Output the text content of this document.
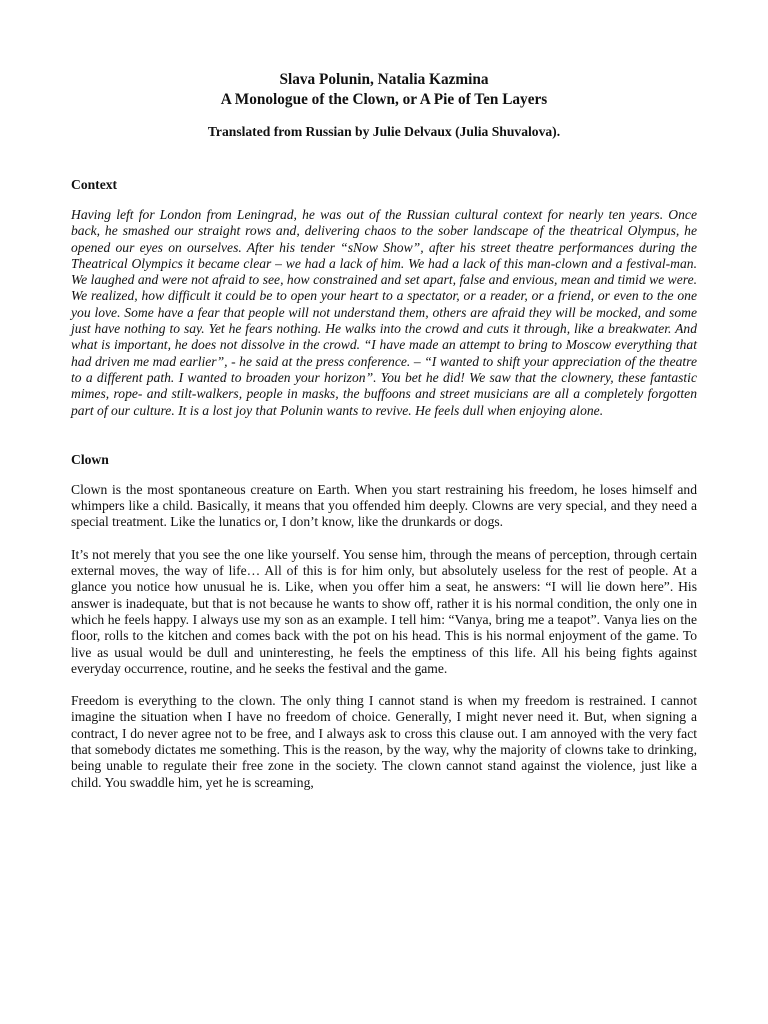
Slava Polunin, Natalia Kazmina

A Monologue of the Clown, or A Pie of Ten Layers

Translated from Russian by Julie Delvaux (Julia Shuvalova).

Context

Having left for London from Leningrad, he was out of the Russian cultural context for nearly ten years. Once back, he smashed our straight rows and, delivering chaos to the sober landscape of the theatrical Olympus, he opened our eyes on ourselves. After his tender “sNow Show”, after his street theatre performances during the Theatrical Olympics it became clear – we had a lack of him. We had a lack of this man-clown and a festival-man. We laughed and were not afraid to see, how constrained and set apart, false and envious, mean and timid we were. We realized, how difficult it could be to open your heart to a spectator, or a reader, or a friend, or even to the one you love. Some have a fear that people will not understand them, others are afraid they will be mocked, and some just have nothing to say. Yet he fears nothing. He walks into the crowd and cuts it through, like a breakwater. And what is important, he does not dissolve in the crowd. “I have made an attempt to bring to Moscow everything that had driven me mad earlier”, - he said at the press conference. – “I wanted to shift your appreciation of the theatre to a different path. I wanted to broaden your horizon”. You bet he did! We saw that the clownery, these fantastic mimes, rope- and stilt-walkers, people in masks, the buffoons and street musicians are all a completely forgotten part of our culture. It is a lost joy that Polunin wants to revive. He feels dull when enjoying alone.

Clown

Clown is the most spontaneous creature on Earth. When you start restraining his freedom, he loses himself and whimpers like a child. Basically, it means that you offended him deeply. Clowns are very special, and they need a special treatment. Like the lunatics or, I don’t know, like the drunkards or dogs.

It’s not merely that you see the one like yourself. You sense him, through the means of perception, through certain external moves, the way of life… All of this is for him only, but absolutely useless for the rest of people. At a glance you notice how unusual he is. Like, when you offer him a seat, he answers: “I will lie down here”. His answer is inadequate, but that is not because he wants to show off, rather it is his normal condition, the only one in which he feels happy. I always use my son as an example. I tell him: “Vanya, bring me a teapot”. Vanya lies on the floor, rolls to the kitchen and comes back with the pot on his head. This is his normal enjoyment of the game. To live as usual would be dull and uninteresting, he feels the emptiness of this life. All his being fights against everyday occurrence, routine, and he seeks the festival and the game.

Freedom is everything to the clown. The only thing I cannot stand is when my freedom is restrained. I cannot imagine the situation when I have no freedom of choice. Generally, I might never need it. But, when signing a contract, I do never agree not to be free, and I always ask to cross this clause out. I am annoyed with the very fact that somebody dictates me something. This is the reason, by the way, why the majority of clowns take to drinking, being unable to regulate their free zone in the society. The clown cannot stand against the violence, just like a child. You swaddle him, yet he is screaming,
